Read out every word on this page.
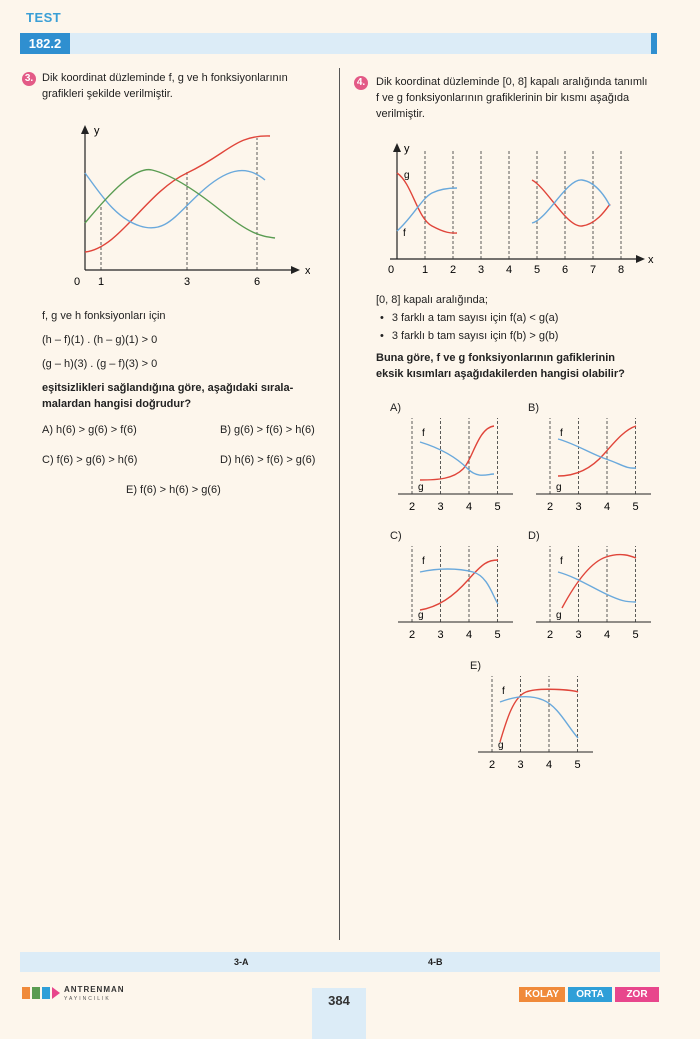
TEST
182.2
3. Dik koordinat düzleminde f, g ve h fonksiyonlarının
grafikleri şekilde verilmiştir.
y
x
0 1	3	6
f, g ve h fonksiyonları için
(h – f)(1) . (h – g)(1) > 0
(g – h)(3) . (g – f)(3) > 0
eşitsizlikleri sağlandığına göre, aşağıdaki sırala-
malardan hangisi doğrudur?
A) h(6) > g(6) > f(6)	B) g(6) > f(6) > h(6)
C) f(6) > g(6) > h(6)	D) h(6) > f(6) > g(6)
E) f(6) > h(6) > g(6)
4. Dik koordinat düzleminde [0, 8] kapalı aralığında tanımlı
f ve g fonksiyonlarının grafiklerinin bir kısmı aşağıda
verilmiştir.
y
x
0	1 2 3 4 5 6 7 8
g
f
[0, 8] kapalı aralığında;
• 3 farklı a tam sayısı için f(a) < g(a)
• 3 farklı b tam sayısı için f(b) > g(b)
Buna göre, f ve g fonksiyonlarının gafiklerinin
eksik kısımları aşağıdakilerden hangisi olabilir?
A)
2 3 4 5
f
g
B)
2 3 4 5
f
g
C)
2 3 4 5
f
g
D)
2 3 4 5
f
g
E)
2 3 4 5
f
g
3-A	4-B
ANTRENMAN
YAYINCILIK	384	KOLAY	ORTA	ZOR
